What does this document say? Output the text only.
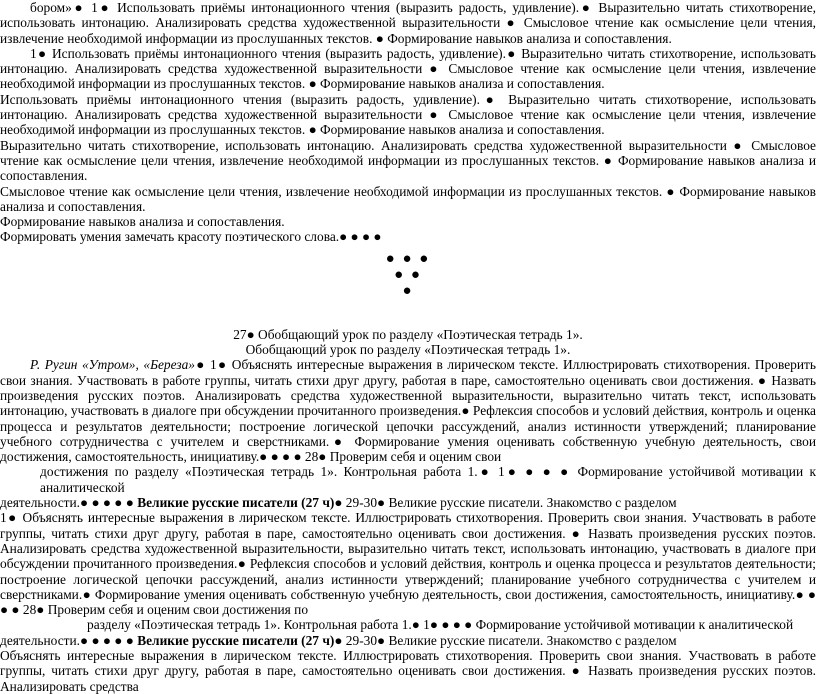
бором»● 1● Использовать приёмы интонационного чтения (выразить радость, удивление).● Выразительно читать стихотворение, использовать интонацию. Анализировать средства художественной выразительности ● Смысловое чтение как осмысление цели чтения, извлечение необходимой информации из прослушанных текстов. ● Формирование навыков анализа и сопоставления.

1● Использовать приёмы интонационного чтения (выразить радость, удивление).● Выразительно читать стихотворение, использовать интонацию. Анализировать средства художественной выразительности ● Смысловое чтение как осмысление цели чтения, извлечение необходимой информации из прослушанных текстов. ● Формирование навыков анализа и сопоставления.

Использовать приёмы интонационного чтения (выразить радость, удивление).● Выразительно читать стихотворение, использовать интонацию. Анализировать средства художественной выразительности ● Смысловое чтение как осмысление цели чтения, извлечение необходимой информации из прослушанных текстов. ● Формирование навыков анализа и сопоставления.

Выразительно читать стихотворение, использовать интонацию. Анализировать средства художественной выразительности ● Смысловое чтение как осмысление цели чтения, извлечение необходимой информации из прослушанных текстов. ● Формирование навыков анализа и сопоставления.

Смысловое чтение как осмысление цели чтения, извлечение необходимой информации из прослушанных текстов. ● Формирование навыков анализа и сопоставления.

Формирование навыков анализа и сопоставления.

Формировать умения замечать красоту поэтического слова.● ● ● ●

● ● ●

● ●

●

27● Обобщающий урок по разделу «Поэтическая тетрадь 1».

Обобщающий урок по разделу «Поэтическая тетрадь 1».

Р. Ругин «Утром», «Береза»● 1● Объяснять интересные выражения в лирическом тексте. Иллюстрировать стихотворения. Проверить свои знания. Участвовать в работе группы, читать стихи друг другу, работая в паре, самостоятельно оценивать свои достижения. ● Назвать произведения русских поэтов. Анализировать средства художественной выразительности, выразительно читать текст, использовать интонацию, участвовать в диалоге при обсуждении прочитанного произведения.● Рефлексия способов и условий действия, контроль и оценка процесса и результатов деятельности; построение логической цепочки рассуждений, анализ истинности утверждений; планирование учебного сотрудничества с учителем и сверстниками.● Формирование умения оценивать собственную учебную деятельность, свои достижения, самостоятельность, инициативу.● ● ● ● 28● Проверим себя и оценим свои

достижения по разделу «Поэтическая тетрадь 1». Контрольная работа 1.● 1● ● ● ● Формирование устойчивой мотивации к аналитической

деятельности.● ● ● ● ● Великие русские писатели (27 ч)● 29-30● Великие русские писатели. Знакомство с разделом

1● Объяснять интересные выражения в лирическом тексте. Иллюстрировать стихотворения. Проверить свои знания. Участвовать в работе группы, читать стихи друг другу, работая в паре, самостоятельно оценивать свои достижения. ● Назвать произведения русских поэтов. Анализировать средства художественной выразительности, выразительно читать текст, использовать интонацию, участвовать в диалоге при обсуждении прочитанного произведения.● Рефлексия способов и условий действия, контроль и оценка процесса и результатов деятельности; построение логической цепочки рассуждений, анализ истинности утверждений; планирование учебного сотрудничества с учителем и сверстниками.● Формирование умения оценивать собственную учебную деятельность, свои достижения, самостоятельность, инициативу.● ● ● ● 28● Проверим себя и оценим свои достижения по

разделу «Поэтическая тетрадь 1». Контрольная работа 1.● 1● ● ● ● Формирование устойчивой мотивации к аналитической

деятельности.● ● ● ● ● Великие русские писатели (27 ч)● 29-30● Великие русские писатели. Знакомство с разделом

Объяснять интересные выражения в лирическом тексте. Иллюстрировать стихотворения. Проверить свои знания. Участвовать в работе группы, читать стихи друг другу, работая в паре, самостоятельно оценивать свои достижения. ● Назвать произведения русских поэтов. Анализировать средства
